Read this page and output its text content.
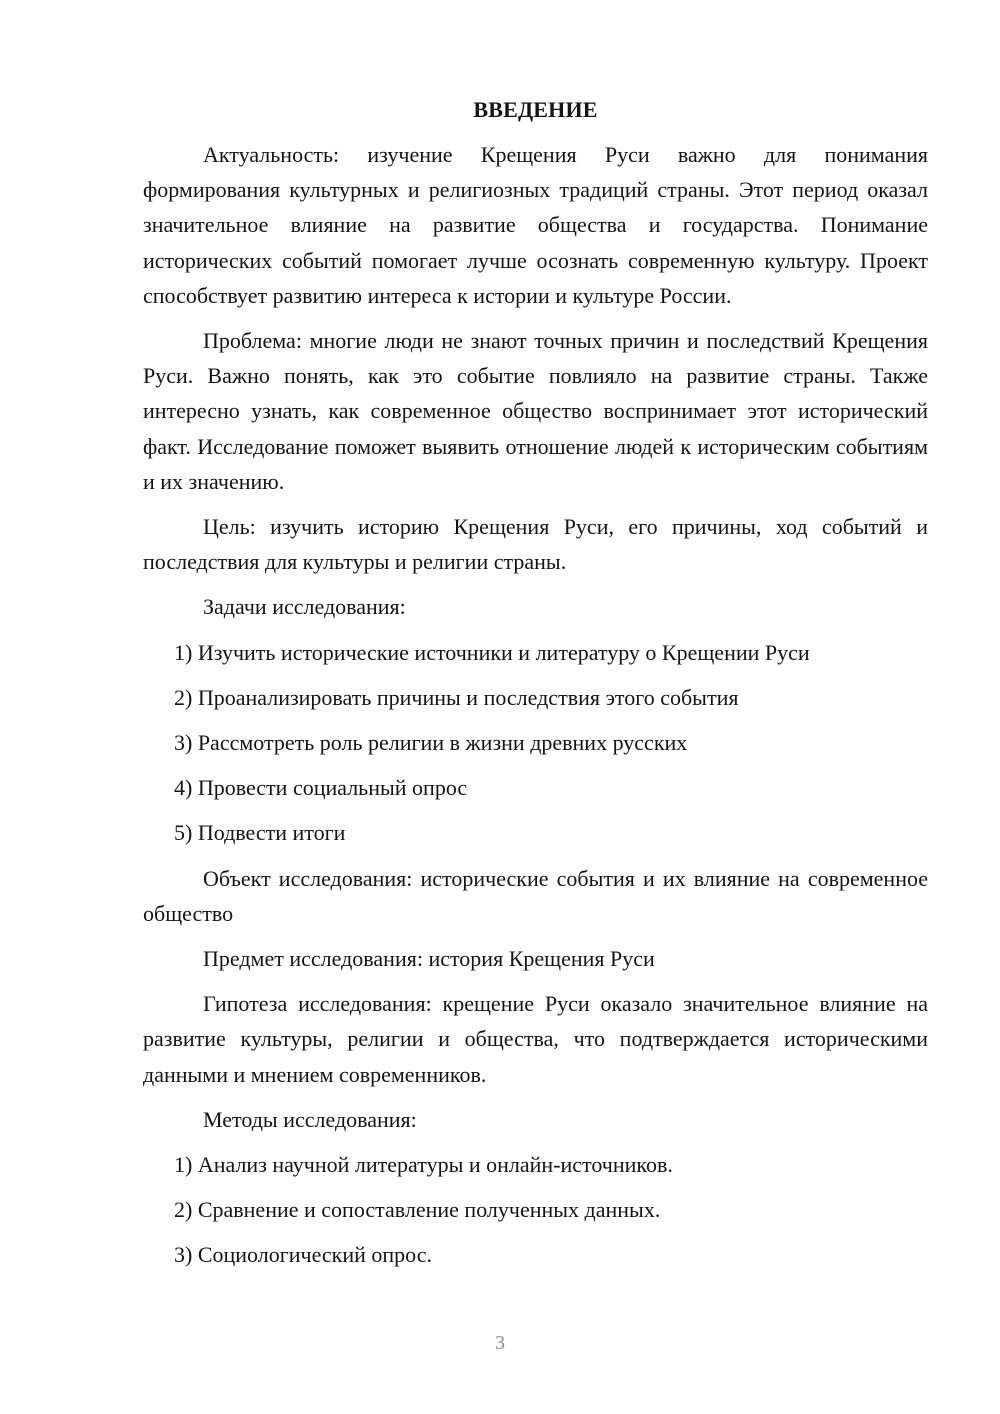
ВВЕДЕНИЕ

Актуальность: изучение Крещения Руси важно для понимания формирования культурных и религиозных традиций страны. Этот период оказал значительное влияние на развитие общества и государства. Понимание исторических событий помогает лучше осознать современную культуру. Проект способствует развитию интереса к истории и культуре России.

Проблема: многие люди не знают точных причин и последствий Крещения Руси. Важно понять, как это событие повлияло на развитие страны. Также интересно узнать, как современное общество воспринимает этот исторический факт. Исследование поможет выявить отношение людей к историческим событиям и их значению.

Цель: изучить историю Крещения Руси, его причины, ход событий и последствия для культуры и религии страны.

Задачи исследования:

1) Изучить исторические источники и литературу о Крещении Руси
2) Проанализировать причины и последствия этого события
3) Рассмотреть роль религии в жизни древних русских
4) Провести социальный опрос
5) Подвести итоги

Объект исследования: исторические события и их влияние на современное общество

Предмет исследования: история Крещения Руси

Гипотеза исследования: крещение Руси оказало значительное влияние на развитие культуры, религии и общества, что подтверждается историческими данными и мнением современников.

Методы исследования:

1) Анализ научной литературы и онлайн-источников.
2) Сравнение и сопоставление полученных данных.
3) Социологический опрос.
3
